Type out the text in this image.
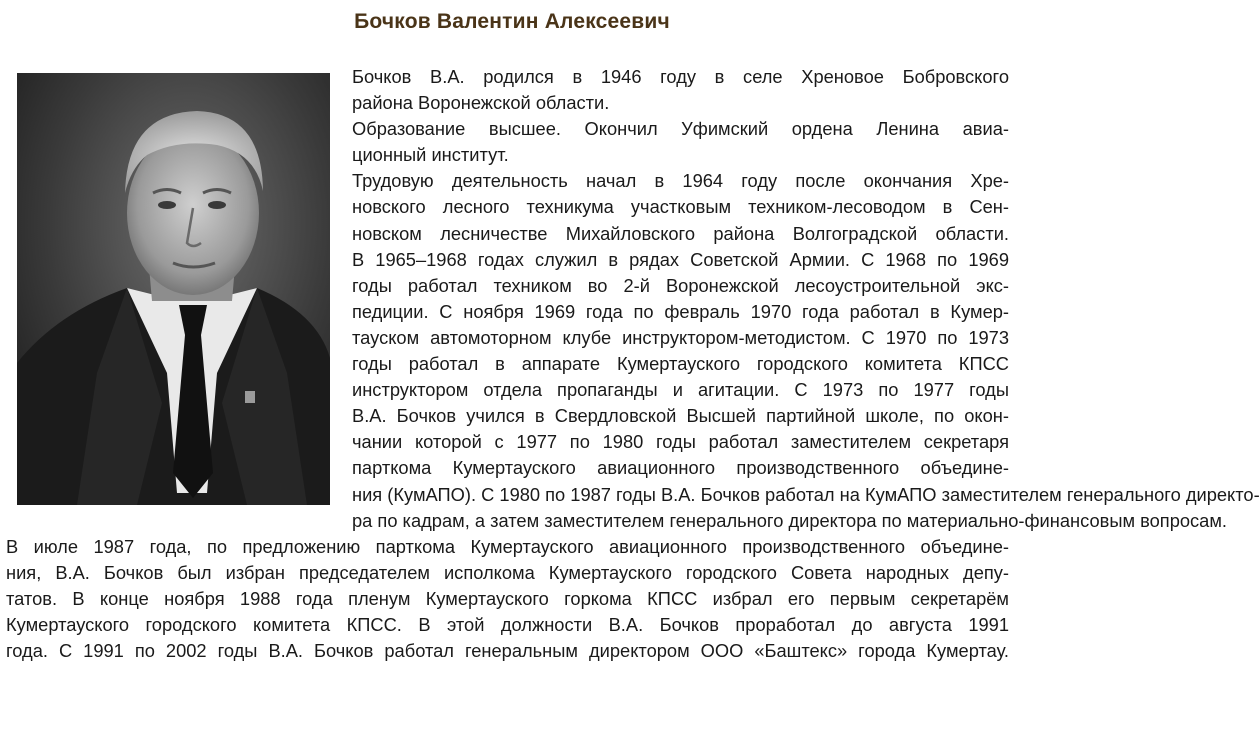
Бочков Валентин Алексеевич
Бочков В.А. родился в 1946 году в селе Хреновое Бобровского
района Воронежской области.
Образование высшее. Окончил Уфимский ордена Ленина авиа-
ционный институт.
Трудовую деятельность начал в 1964 году после окончания Хре-
новского лесного техникума участковым техником-лесоводом в Сен-
новском лесничестве Михайловского района Волгоградской области.
В 1965–1968 годах служил в рядах Советской Армии. С 1968 по 1969
годы работал техником во 2-й Воронежской лесоустроительной экс-
педиции. С ноября 1969 года по февраль 1970 года работал в Кумер-
тауском автомоторном клубе инструктором-методистом. С 1970 по 1973
годы работал в аппарате Кумертауского городского комитета КПСС
инструктором отдела пропаганды и агитации. С 1973 по 1977 годы
В.А. Бочков учился в Свердловской Высшей партийной школе, по окон-
чании которой с 1977 по 1980 годы работал заместителем секретаря
парткома Кумертауского авиационного производственного объедине-
ния (КумАПО). С 1980 по 1987 годы В.А. Бочков работал на КумАПО заместителем генерального директо-
ра по кадрам, а затем заместителем генерального директора по материально-финансовым вопросам.
В июле 1987 года, по предложению парткома Кумертауского авиационного производственного объедине-
ния, В.А. Бочков был избран председателем исполкома Кумертауского городского Совета народных депу-
татов. В конце ноября 1988 года пленум Кумертауского горкома КПСС избрал его первым секретарём
Кумертауского городского комитета КПСС. В этой должности В.А. Бочков проработал до августа 1991
года. С 1991 по 2002 годы В.А. Бочков работал генеральным директором ООО «Баштекс» города Кумертау.
